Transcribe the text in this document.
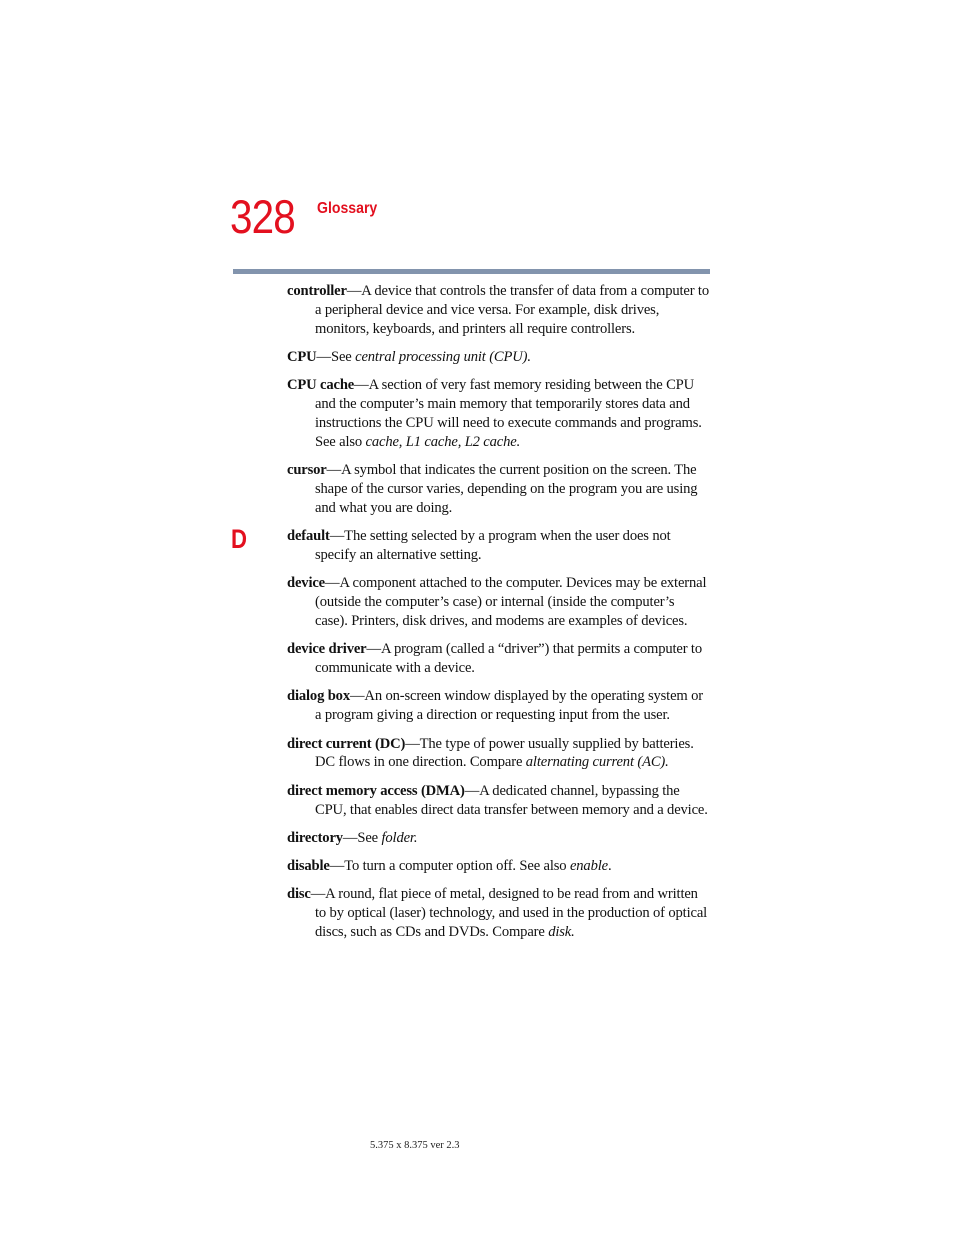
328 Glossary
D

controller—A device that controls the transfer of data from a computer to a peripheral device and vice versa. For example, disk drives, monitors, keyboards, and printers all require controllers.

CPU—See central processing unit (CPU).

CPU cache—A section of very fast memory residing between the CPU and the computer’s main memory that temporarily stores data and instructions the CPU will need to execute commands and programs. See also cache, L1 cache, L2 cache.

cursor—A symbol that indicates the current position on the screen. The shape of the cursor varies, depending on the program you are using and what you are doing.

default—The setting selected by a program when the user does not specify an alternative setting.

device—A component attached to the computer. Devices may be external (outside the computer’s case) or internal (inside the computer’s case). Printers, disk drives, and modems are examples of devices.

device driver—A program (called a “driver”) that permits a computer to communicate with a device.

dialog box—An on-screen window displayed by the operating system or a program giving a direction or requesting input from the user.

direct current (DC)—The type of power usually supplied by batteries. DC flows in one direction. Compare alternating current (AC).

direct memory access (DMA)—A dedicated channel, bypassing the CPU, that enables direct data transfer between memory and a device.

directory—See folder.

disable—To turn a computer option off. See also enable.

disc—A round, flat piece of metal, designed to be read from and written to by optical (laser) technology, and used in the production of optical discs, such as CDs and DVDs. Compare disk.

5.375 x 8.375 ver 2.3
